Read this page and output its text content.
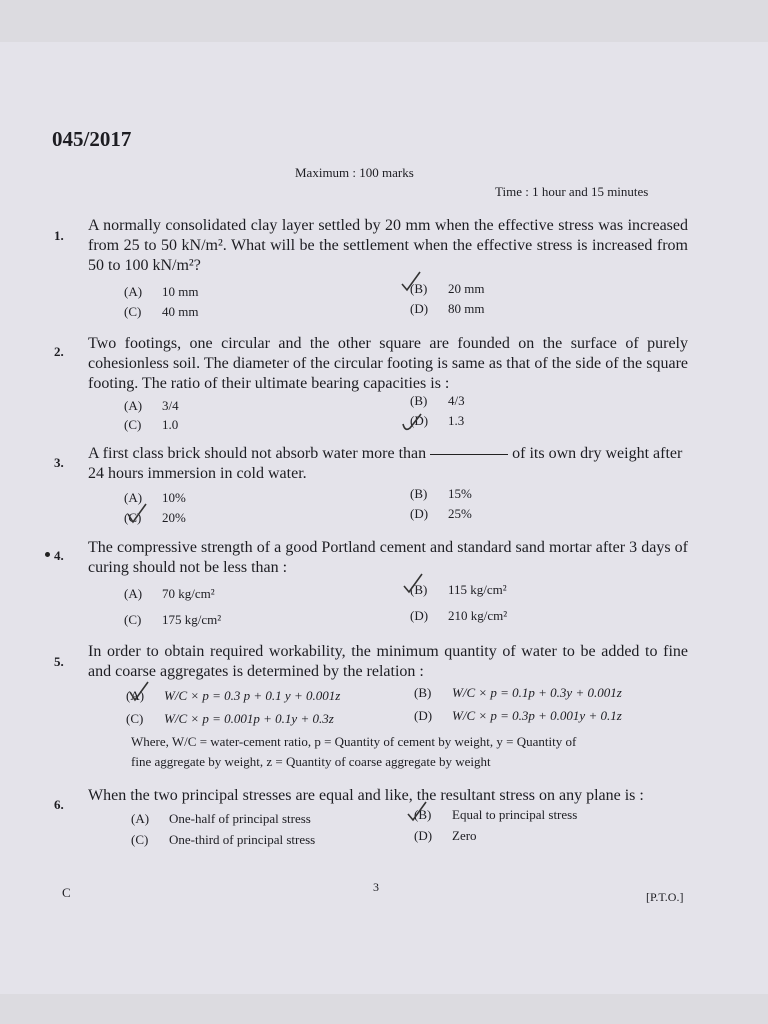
045/2017
Maximum : 100 marks
Time : 1 hour and 15 minutes
1.
A normally consolidated clay layer settled by 20 mm when the effective stress was increased from 25 to 50 kN/m². What will be the settlement when the effective stress is increased from 50 to 100 kN/m²?
(A) 10 mm	(B) 20 mm
(C) 40 mm	(D) 80 mm
2. Two footings, one circular and the other square are founded on the surface of purely cohesionless soil. The diameter of the circular footing is same as that of the side of the square footing. The ratio of their ultimate bearing capacities is :
(A) 3/4	(B) 4/3
(C) 1.0	(D) 1.3
3.
A first class brick should not absorb water more than	of its own dry weight after
24 hours immersion in cold water.
(A) 10%	(B) 15%
(C) 20%	(D) 25%
4. The compressive strength of a good Portland cement and standard sand mortar after 3 days of curing should not be less than :
(A) 70 kg/cm²	(B) 115 kg/cm²
(C) 175 kg/cm²	(D) 210 kg/cm²
5.
In order to obtain required workability, the minimum quantity of water to be added to fine and coarse aggregates is determined by the relation :
(A) W/C × p = 0.3 p + 0.1 y + 0.001z	(B) W/C × p = 0.1p + 0.3y + 0.001z
(C) W/C × p = 0.001p + 0.1y + 0.3z	(D) W/C × p = 0.3p + 0.001y + 0.1z
Where, W/C = water-cement ratio, p = Quantity of cement by weight, y = Quantity of
fine aggregate by weight, z = Quantity of coarse aggregate by weight
6.
When the two principal stresses are equal and like, the resultant stress on any plane is :
(A) One-half of principal stress	(B) Equal to principal stress
(C) One-third of principal stress	(D) Zero
C	3
[P.T.O.]
